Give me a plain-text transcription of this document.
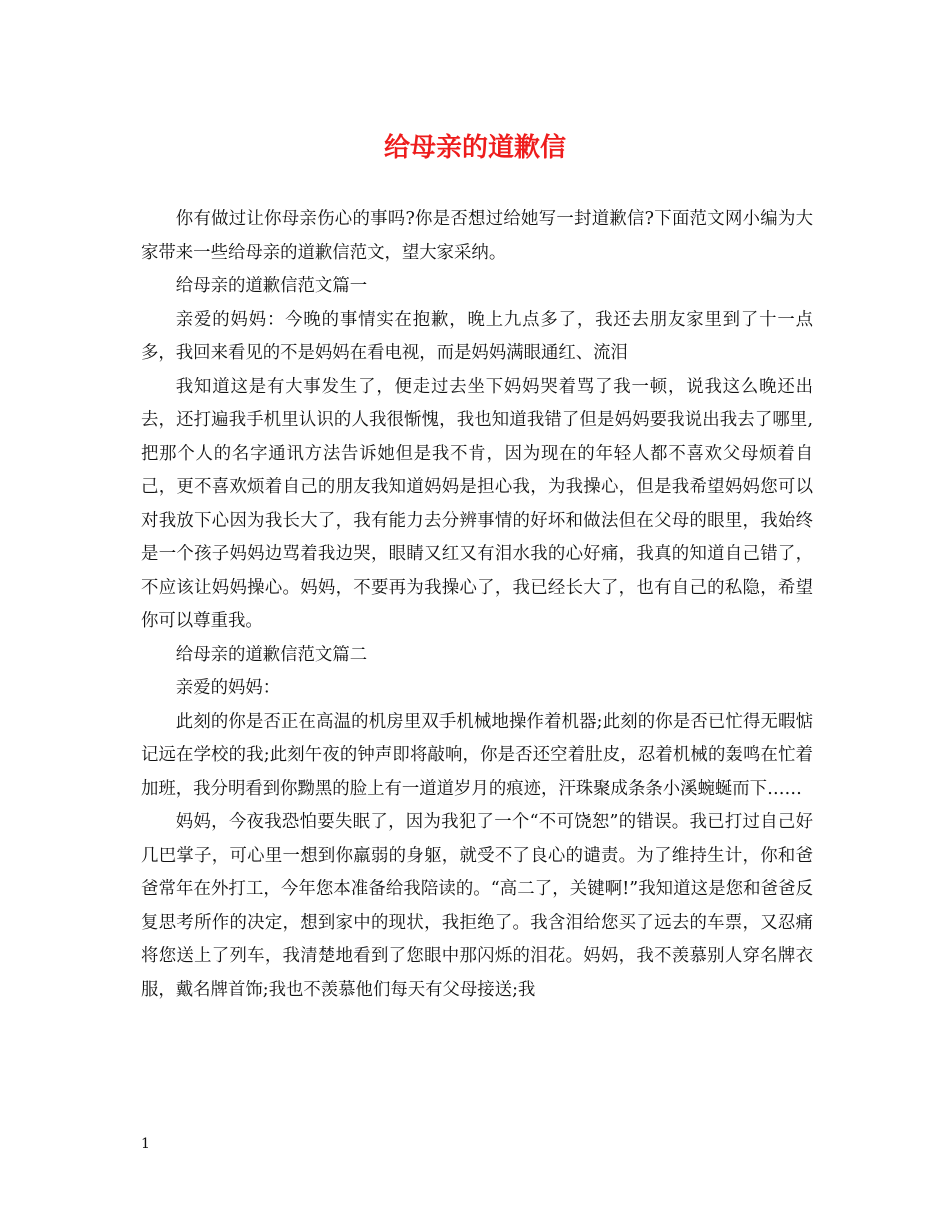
给母亲的道歉信

你有做过让你母亲伤心的事吗?你是否想过给她写一封道歉信?下面范文网小编为大家带来一些给母亲的道歉信范文，望大家采纳。

给母亲的道歉信范文篇一

亲爱的妈妈：今晚的事情实在抱歉，晚上九点多了，我还去朋友家里到了十一点多，我回来看见的不是妈妈在看电视，而是妈妈满眼通红、流泪

我知道这是有大事发生了，便走过去坐下妈妈哭着骂了我一顿，说我这么晚还出去，还打遍我手机里认识的人我很惭愧，我也知道我错了但是妈妈要我说出我去了哪里,把那个人的名字通讯方法告诉她但是我不肯，因为现在的年轻人都不喜欢父母烦着自己，更不喜欢烦着自己的朋友我知道妈妈是担心我，为我操心，但是我希望妈妈您可以对我放下心因为我长大了，我有能力去分辨事情的好坏和做法但在父母的眼里，我始终是一个孩子妈妈边骂着我边哭，眼睛又红又有泪水我的心好痛，我真的知道自己错了，不应该让妈妈操心。妈妈，不要再为我操心了，我已经长大了，也有自己的私隐，希望你可以尊重我。

给母亲的道歉信范文篇二

亲爱的妈妈：

此刻的你是否正在高温的机房里双手机械地操作着机器;此刻的你是否已忙得无暇惦记远在学校的我;此刻午夜的钟声即将敲响，你是否还空着肚皮，忍着机械的轰鸣在忙着加班，我分明看到你黝黑的脸上有一道道岁月的痕迹，汗珠聚成条条小溪蜿蜒而下……

妈妈，今夜我恐怕要失眠了，因为我犯了一个“不可饶恕”的错误。我已打过自己好几巴掌子，可心里一想到你羸弱的身躯，就受不了良心的谴责。为了维持生计，你和爸爸常年在外打工，今年您本准备给我陪读的。“高二了，关键啊!”我知道这是您和爸爸反复思考所作的决定，想到家中的现状，我拒绝了。我含泪给您买了远去的车票，又忍痛将您送上了列车，我清楚地看到了您眼中那闪烁的泪花。妈妈，我不羡慕别人穿名牌衣服，戴名牌首饰;我也不羡慕他们每天有父母接送;我

1
